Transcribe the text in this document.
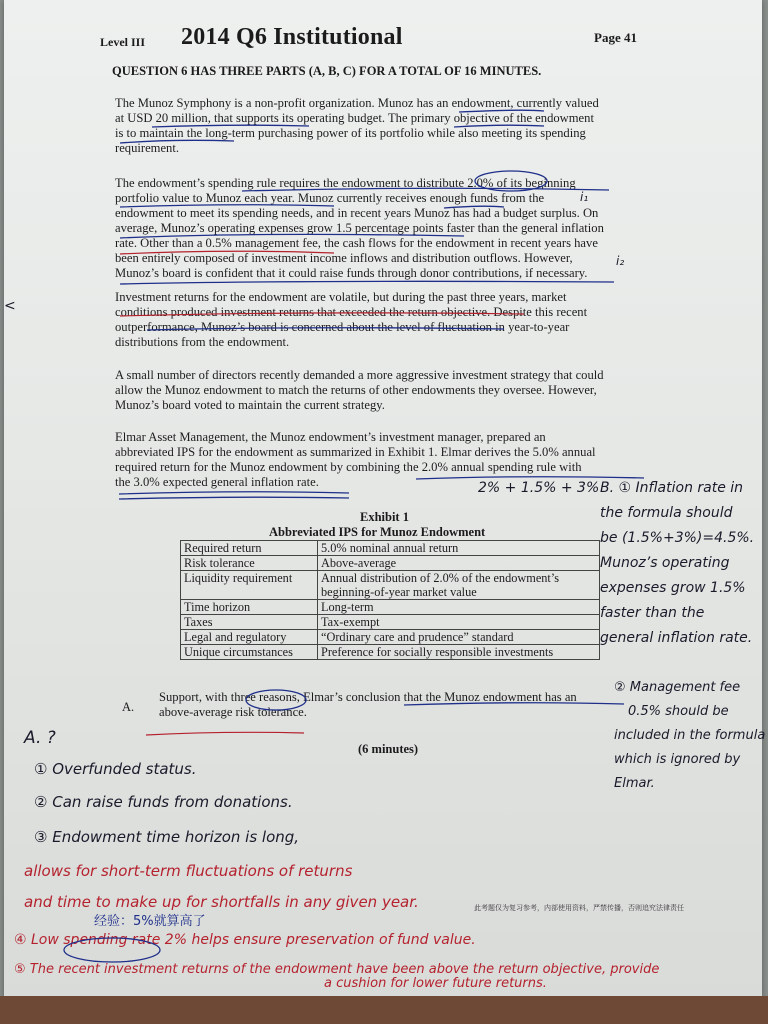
Level III 2014 Q6 Institutional	Page 41
QUESTION 6 HAS THREE PARTS (A, B, C) FOR A TOTAL OF 16 MINUTES.
The Munoz Symphony is a non-profit organization. Munoz has an endowment, currently valued
at USD 20 million, that supports its operating budget. The primary objective of the endowment
is to maintain the long-term purchasing power of its portfolio while also meeting its spending
requirement.
The endowment’s spending rule requires the endowment to distribute 2.0% of its beginning
portfolio value to Munoz each year. Munoz currently receives enough funds from the
endowment to meet its spending needs, and in recent years Munoz has had a budget surplus. On
average, Munoz’s operating expenses grow 1.5 percentage points faster than the general inflation
rate. Other than a 0.5% management fee, the cash flows for the endowment in recent years have
been entirely composed of investment income inflows and distribution outflows. However,
Munoz’s board is confident that it could raise funds through donor contributions, if necessary.
Investment returns for the endowment are volatile, but during the past three years, market
conditions produced investment returns that exceeded the return objective. Despite this recent
outperformance, Munoz’s board is concerned about the level of fluctuation in year-to-year
distributions from the endowment.
A small number of directors recently demanded a more aggressive investment strategy that could
allow the Munoz endowment to match the returns of other endowments they oversee. However,
Munoz’s board voted to maintain the current strategy.
Elmar Asset Management, the Munoz endowment’s investment manager, prepared an
abbreviated IPS for the endowment as summarized in Exhibit 1. Elmar derives the 5.0% annual
required return for the Munoz endowment by combining the 2.0% annual spending rule with
the 3.0% expected general inflation rate.
Exhibit 1
Abbreviated IPS for Munoz Endowment
Required return	5.0% nominal annual return
Risk tolerance	Above-average
Liquidity requirement	Annual distribution of 2.0% of the endowment’s
beginning-of-year market value

Time horizon	Long-term
Taxes	Tax-exempt
Legal and regulatory	“Ordinary care and prudence” standard
Unique circumstances	Preference for socially responsible investments
A.
Support, with three reasons, Elmar’s conclusion that the Munoz endowment has an
above-average risk tolerance.
(6 minutes)
i₁
i₂
<
2% + 1.5% + 3% B. ① Inflation rate in
the formula should
be (1.5%+3%)=4.5%.
Munoz’s operating
expenses grow 1.5%
faster than the
general inflation rate.
② Management fee
0.5% should be
included in the formula
which is ignored by
Elmar.
A. ?
① Overfunded status.
② Can raise funds from donations.
③ Endowment time horizon is long,
allows for short-term fluctuations of returns
and time to make up for shortfalls in any given year.
经验：5%就算高了
此考题仅为复习参考，内部使用资料，严禁传播，否则追究法律责任
④ Low spending rate 2% helps ensure preservation of fund value.
⑤ The recent investment returns of the endowment have been above the return objective, provide
a cushion for lower future returns.
